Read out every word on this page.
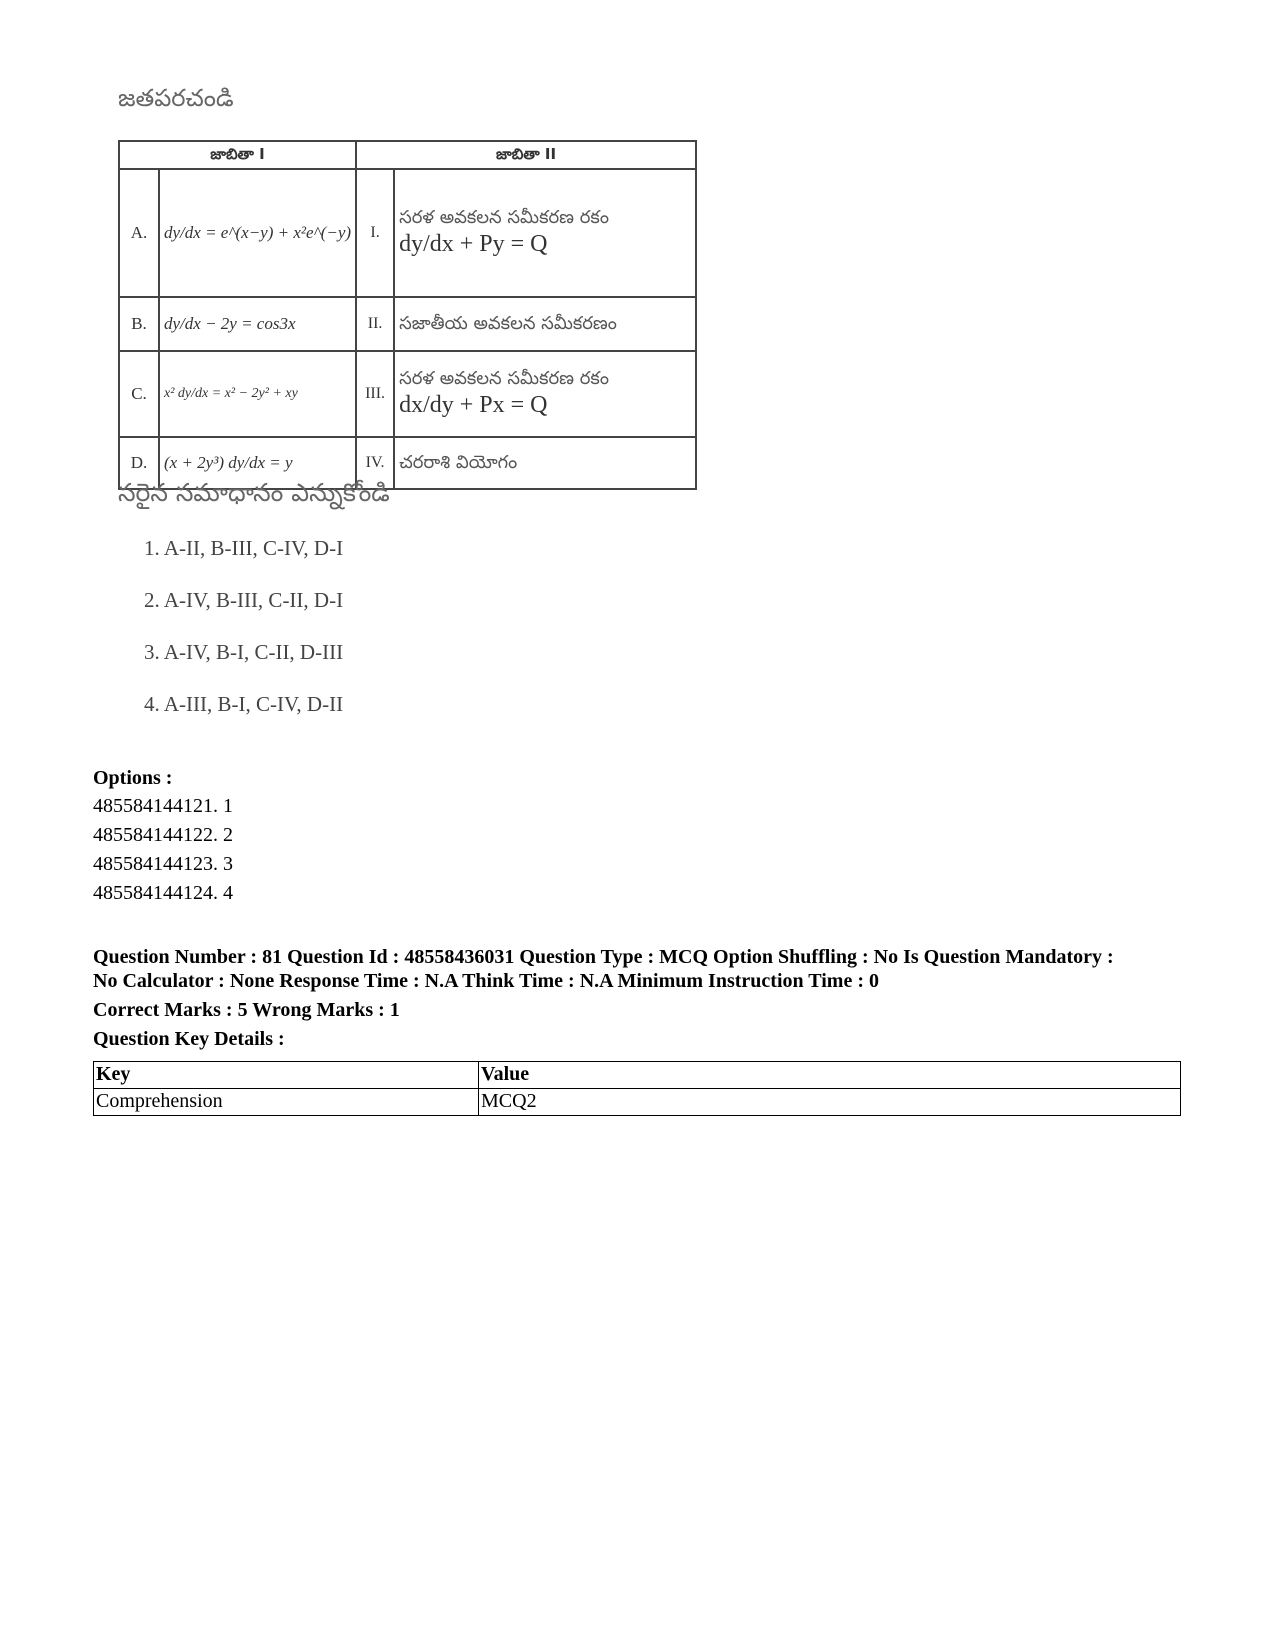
జతపరచండి
జాబితా I		జాబితా II	
A.	dy/dx = e^(x−y) + x²e^(−y)	I.	సరళ అవకలన సమీకరణ రకం
dy/dx + Py = Q

B.	dy/dx − 2y = cos3x	II.	సజాతీయ అవకలన సమీకరణం

C.	x² dy/dx = x² − 2y² + xy	III.	సరళ అవకలన సమీకరణ రకం
dx/dy + Px = Q

D.	(x + 2y³) dy/dx = y	IV.	చరరాశి వియోగం
సరైన సమాధానం ఎన్నుకోండి
1. A-II, B-III, C-IV, D-I
2. A-IV, B-III, C-II, D-I
3. A-IV, B-I, C-II, D-III
4. A-III, B-I, C-IV, D-II
Options :
485584144121. 1
485584144122. 2
485584144123. 3
485584144124. 4
Question Number : 81 Question Id : 48558436031 Question Type : MCQ Option Shuffling : No Is Question Mandatory :
No Calculator : None Response Time : N.A Think Time : N.A Minimum Instruction Time : 0
Correct Marks : 5 Wrong Marks : 1
Question Key Details :
Key	Value
Comprehension	MCQ2
